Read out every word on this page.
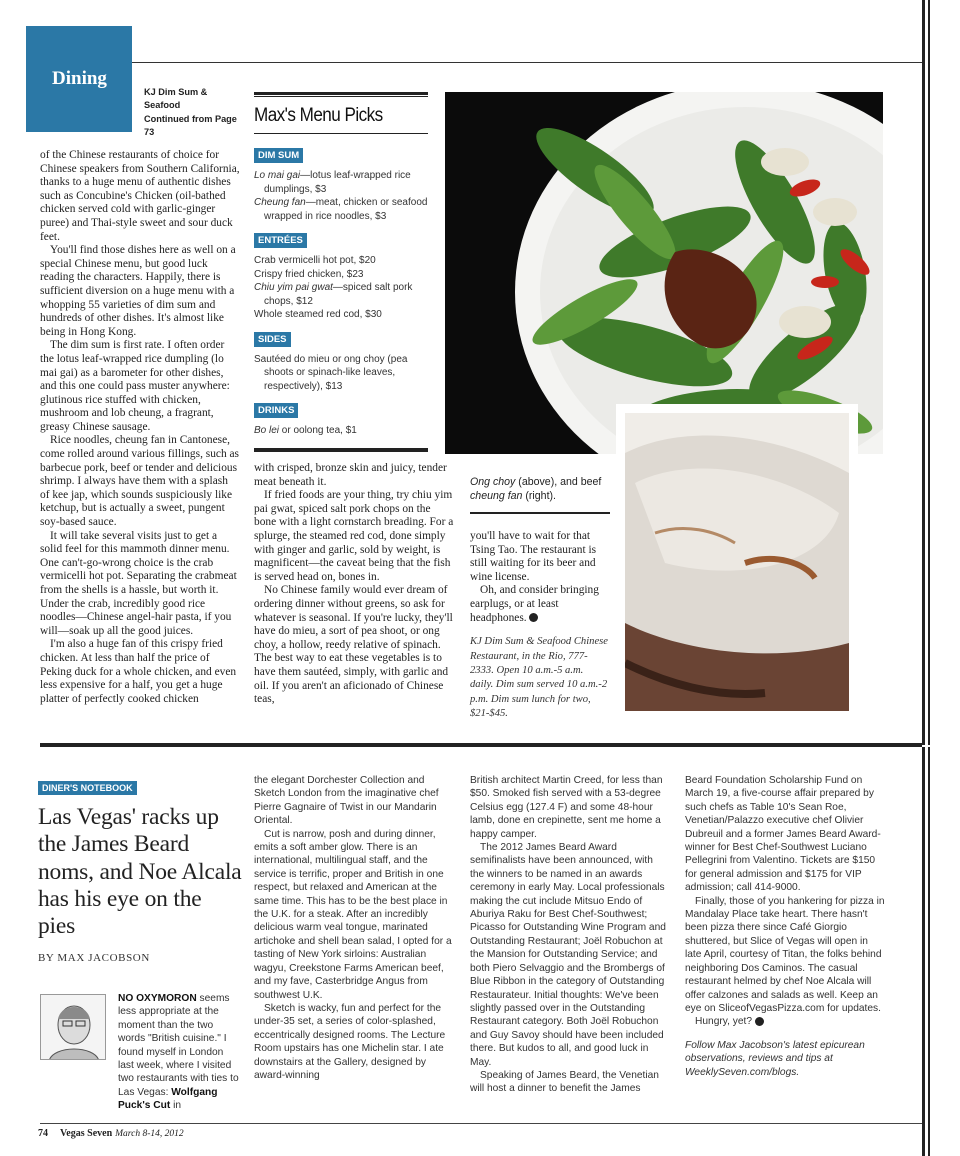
Dining
KJ Dim Sum & Seafood
Continued from Page 73

of the Chinese restaurants of choice for Chinese speakers from Southern California, thanks to a huge menu of authentic dishes such as Concubine's Chicken (oil-bathed chicken served cold with garlic-ginger puree) and Thai-style sweet and sour duck feet.

You'll find those dishes here as well on a special Chinese menu, but good luck reading the characters. Happily, there is sufficient diversion on a huge menu with a whopping 55 varieties of dim sum and hundreds of other dishes. It's almost like being in Hong Kong.

The dim sum is first rate. I often order the lotus leaf-wrapped rice dumpling (lo mai gai) as a barometer for other dishes, and this one could pass muster anywhere: glutinous rice stuffed with chicken, mushroom and lob cheung, a fragrant, greasy Chinese sausage.

Rice noodles, cheung fan in Cantonese, come rolled around various fillings, such as barbecue pork, beef or tender and delicious shrimp. I always have them with a splash of kee jap, which sounds suspiciously like ketchup, but is actually a sweet, pungent soy-based sauce.

It will take several visits just to get a solid feel for this mammoth dinner menu. One can't-go-wrong choice is the crab vermicelli hot pot. Separating the crabmeat from the shells is a hassle, but worth it. Under the crab, incredibly good rice noodles—Chinese angel-hair pasta, if you will—soak up all the good juices.

I'm also a huge fan of this crispy fried chicken. At less than half the price of Peking duck for a whole chicken, and even less expensive for a half, you get a huge platter of perfectly cooked chicken

Max's Menu Picks
DIM SUM
Lo mai gai—lotus leaf-wrapped rice dumplings, $3
Cheung fan—meat, chicken or seafood wrapped in rice noodles, $3
ENTRÉES
Crab vermicelli hot pot, $20
Crispy fried chicken, $23
Chiu yim pai gwat—spiced salt pork chops, $12
Whole steamed red cod, $30
SIDES
Sautéed do mieu or ong choy (pea shoots or spinach-like leaves, respectively), $13
DRINKS
Bo lei or oolong tea, $1

with crisped, bronze skin and juicy, tender meat beneath it.

If fried foods are your thing, try chiu yim pai gwat, spiced salt pork chops on the bone with a light cornstarch breading. For a splurge, the steamed red cod, done simply with ginger and garlic, sold by weight, is magnificent—the caveat being that the fish is served head on, bones in.

No Chinese family would ever dream of ordering dinner without greens, so ask for whatever is seasonal. If you're lucky, they'll have do mieu, a sort of pea shoot, or ong choy, a hollow, reedy relative of spinach. The best way to eat these vegetables is to have them sautéed, simply, with garlic and oil. If you aren't an aficionado of Chinese teas,

Ong choy (above), and beef cheung fan (right).

you'll have to wait for that Tsing Tao. The restaurant is still waiting for its beer and wine license.

Oh, and consider bringing earplugs, or at least headphones.

KJ Dim Sum & Seafood Chinese Restaurant, in the Rio, 777-2333. Open 10 a.m.-5 a.m. daily. Dim sum served 10 a.m.-2 p.m. Dim sum lunch for two, $21-$45.

DINER'S NOTEBOOK
Las Vegas' racks up the James Beard noms, and Noe Alcala has his eye on the pies
BY MAX JACOBSON

NO OXYMORON seems less appropriate at the moment than the two words "British cuisine." I found myself in London last week, where I visited two restaurants with ties to Las Vegas: Wolfgang Puck's Cut in

the elegant Dorchester Collection and Sketch London from the imaginative chef Pierre Gagnaire of Twist in our Mandarin Oriental.

Cut is narrow, posh and during dinner, emits a soft amber glow. There is an international, multilingual staff, and the service is terrific, proper and British in one respect, but relaxed and American at the same time. This has to be the best place in the U.K. for a steak. After an incredibly delicious warm veal tongue, marinated artichoke and shell bean salad, I opted for a tasting of New York sirloins: Australian wagyu, Creekstone Farms American beef, and my fave, Casterbridge Angus from southwest U.K.

Sketch is wacky, fun and perfect for the under-35 set, a series of color-splashed, eccentrically designed rooms. The Lecture Room upstairs has one Michelin star. I ate downstairs at the Gallery, designed by award-winning

British architect Martin Creed, for less than $50. Smoked fish served with a 53-degree Celsius egg (127.4 F) and some 48-hour lamb, done en crepinette, sent me home a happy camper.

The 2012 James Beard Award semifinalists have been announced, with the winners to be named in an awards ceremony in early May. Local professionals making the cut include Mitsuo Endo of Aburiya Raku for Best Chef-Southwest; Picasso for Outstanding Wine Program and Outstanding Restaurant; Joël Robuchon at the Mansion for Outstanding Service; and both Piero Selvaggio and the Brombergs of Blue Ribbon in the category of Outstanding Restaurateur. Initial thoughts: We've been slightly passed over in the Outstanding Restaurant category. Both Joël Robuchon and Guy Savoy should have been included there. But kudos to all, and good luck in May.

Speaking of James Beard, the Venetian will host a dinner to benefit the James

Beard Foundation Scholarship Fund on March 19, a five-course affair prepared by such chefs as Table 10's Sean Roe, Venetian/Palazzo executive chef Olivier Dubreuil and a former James Beard Award-winner for Best Chef-Southwest Luciano Pellegrini from Valentino. Tickets are $150 for general admission and $175 for VIP admission; call 414-9000.

Finally, those of you hankering for pizza in Mandalay Place take heart. There hasn't been pizza there since Café Giorgio shuttered, but Slice of Vegas will open in late April, courtesy of Titan, the folks behind neighboring Dos Caminos. The casual restaurant helmed by chef Noe Alcala will offer calzones and salads as well. Keep an eye on SliceofVegasPizza.com for updates.

Hungry, yet?

Follow Max Jacobson's latest epicurean observations, reviews and tips at WeeklySeven.com/blogs.

74 Vegas Seven March 8-14, 2012
